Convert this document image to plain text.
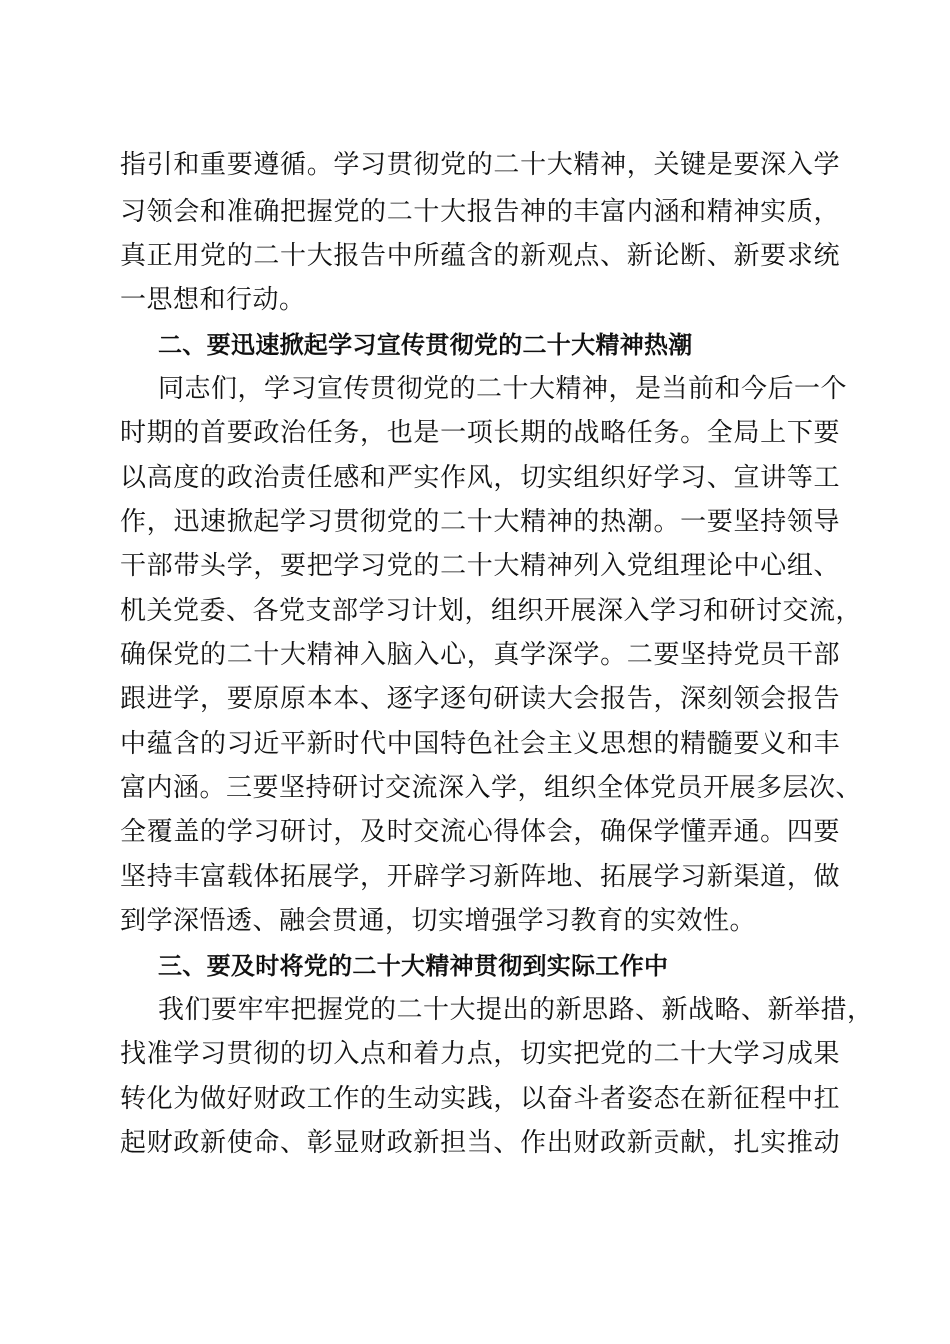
指引和重要遵循。学习贯彻党的二十大精神，关键是要深入学
习领会和准确把握党的二十大报告神的丰富内涵和精神实质，
真正用党的二十大报告中所蕴含的新观点、新论断、新要求统
一思想和行动。
二、要迅速掀起学习宣传贯彻党的二十大精神热潮
同志们，学习宣传贯彻党的二十大精神，是当前和今后一个
时期的首要政治任务，也是一项长期的战略任务。全局上下要
以高度的政治责任感和严实作风，切实组织好学习、宣讲等工
作，迅速掀起学习贯彻党的二十大精神的热潮。一要坚持领导
干部带头学，要把学习党的二十大精神列入党组理论中心组、
机关党委、各党支部学习计划，组织开展深入学习和研讨交流，
确保党的二十大精神入脑入心，真学深学。二要坚持党员干部
跟进学，要原原本本、逐字逐句研读大会报告，深刻领会报告
中蕴含的习近平新时代中国特色社会主义思想的精髓要义和丰
富内涵。三要坚持研讨交流深入学，组织全体党员开展多层次、
全覆盖的学习研讨，及时交流心得体会，确保学懂弄通。四要
坚持丰富载体拓展学，开辟学习新阵地、拓展学习新渠道，做
到学深悟透、融会贯通，切实增强学习教育的实效性。
三、要及时将党的二十大精神贯彻到实际工作中
我们要牢牢把握党的二十大提出的新思路、新战略、新举措，
找准学习贯彻的切入点和着力点，切实把党的二十大学习成果
转化为做好财政工作的生动实践，以奋斗者姿态在新征程中扛
起财政新使命、彰显财政新担当、作出财政新贡献，扎实推动
